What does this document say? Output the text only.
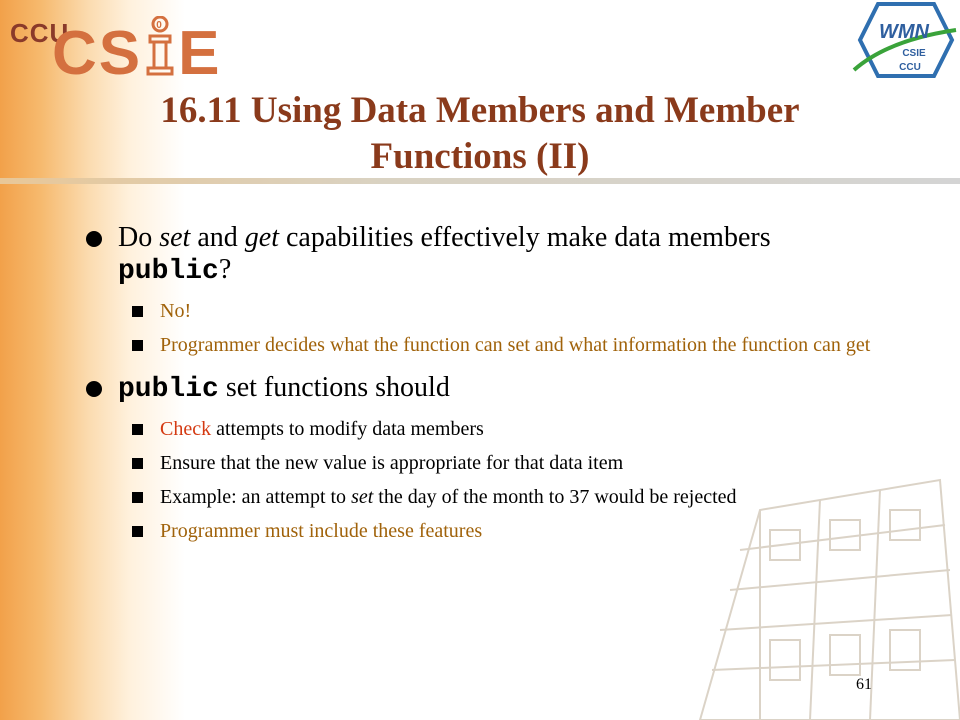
CCU
CS 0 E	WMN
CSIE
CCU
16.11 Using Data Members and Member
Functions (II)
Do set and get capabilities effectively make data members public?
No!
Programmer decides what the function can set and what information the function can get
public set functions should
Check attempts to modify data members
Ensure that the new value is appropriate for that data item
Example: an attempt to set the day of the month to 37 would be rejected
Programmer must include these features
61
